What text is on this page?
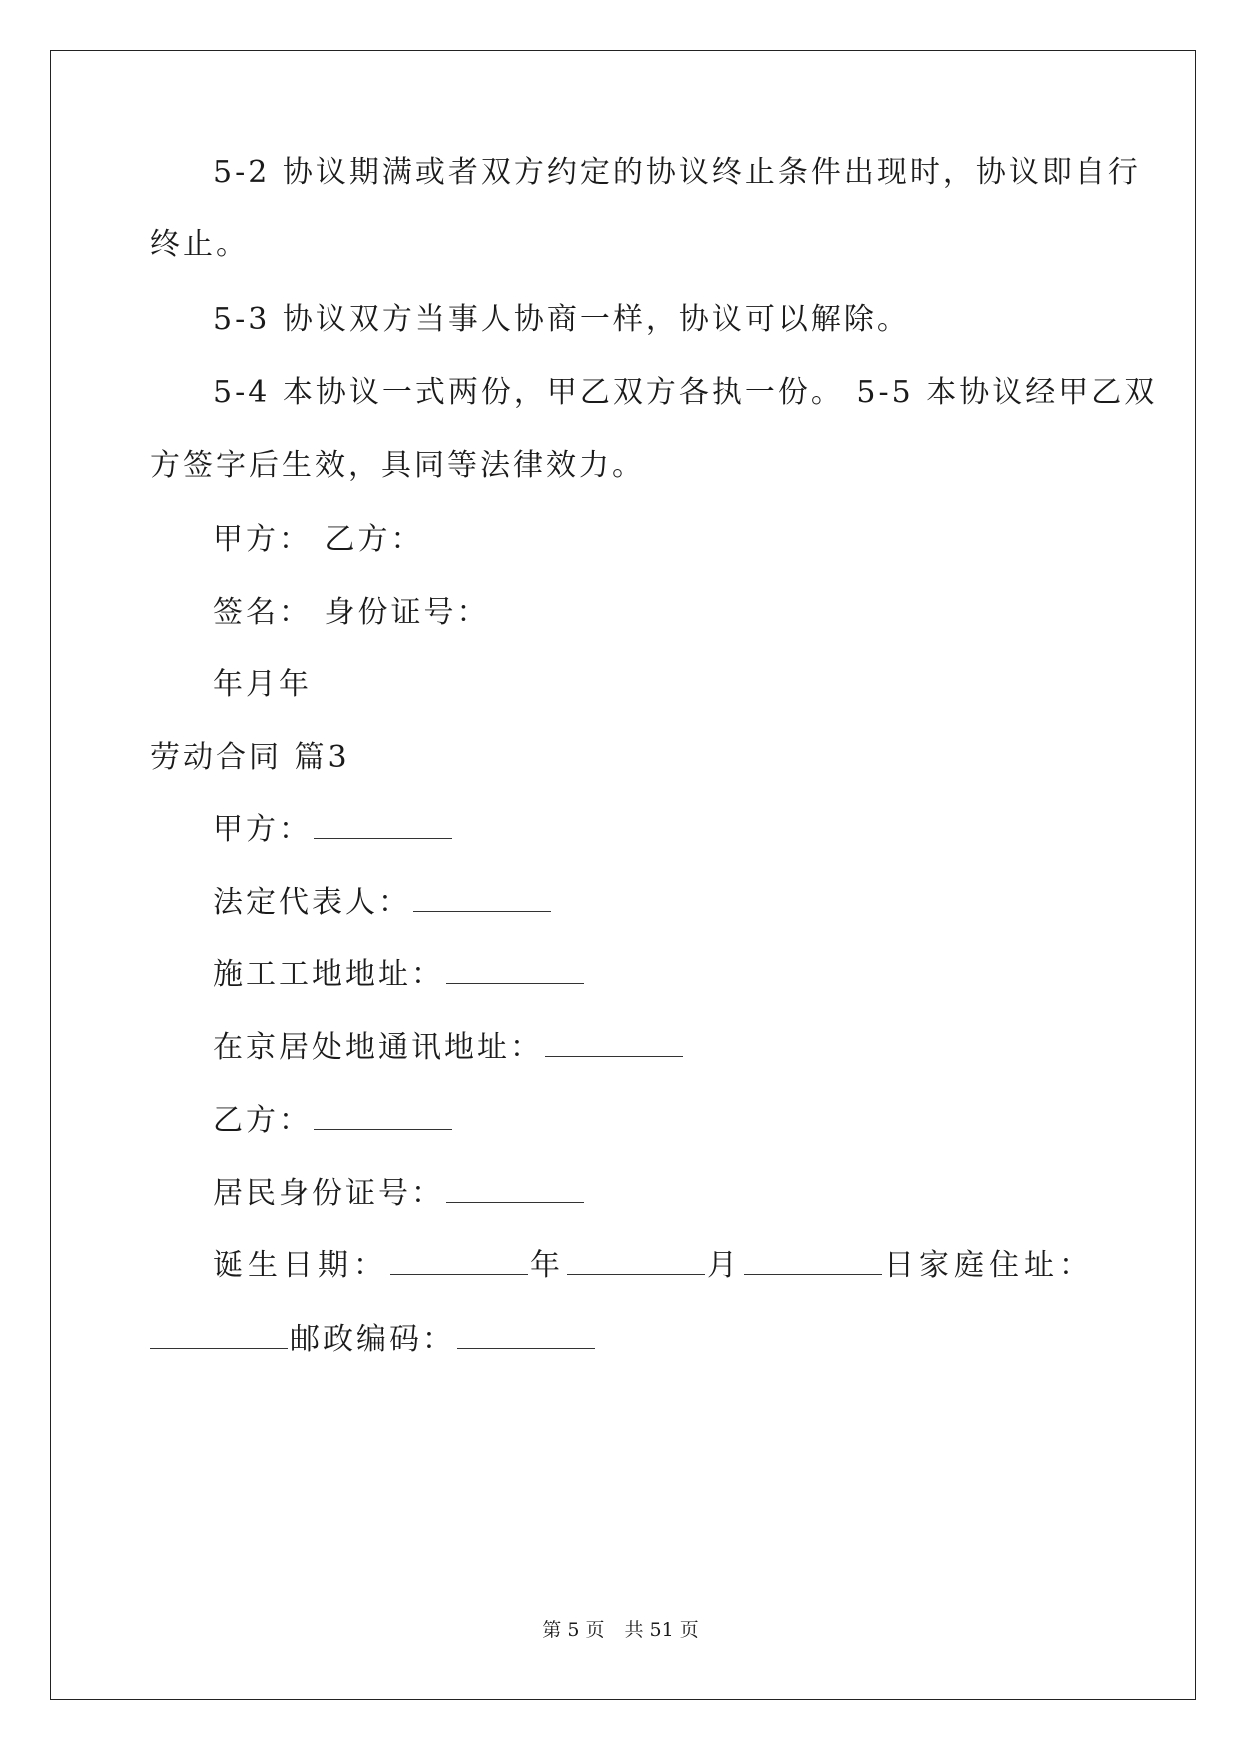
5-2 协议期满或者双方约定的协议终止条件出现时，协议即自行
终止。
5-3 协议双方当事人协商一样，协议可以解除。
5-4 本协议一式两份，甲乙双方各执一份。 5-5 本协议经甲乙双
方签字后生效，具同等法律效力。
甲方： 乙方：
签名： 身份证号：
年月年
劳动合同 篇3
甲方：
法定代表人：
施工工地地址：
在京居处地通讯地址：
乙方：
居民身份证号：
诞生日期：	年	月	日家庭住址：
邮政编码：
第 5 页 共 51 页
